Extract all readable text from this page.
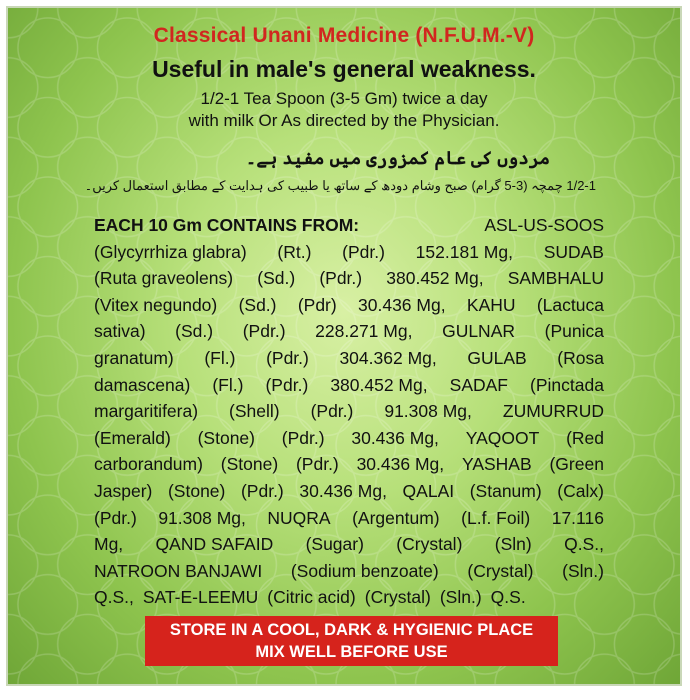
Classical Unani Medicine (N.F.U.M.-V)
Useful in male's general weakness.
1/2-1 Tea Spoon (3-5 Gm) twice a day
with milk Or As directed by the Physician.
مردوں کی عام کمزوری میں مفید ہے۔
1/2-1 چمچہ (3-5 گرام) صبح وشام دودھ کے ساتھ یا طبیب کی ہدایت کے مطابق استعمال کریں۔
EACH 10 Gm CONTAINS FROM:	ASL-US-SOOS
(Glycyrrhiza glabra) (Rt.) (Pdr.) 152.181 Mg, SUDAB
(Ruta graveolens) (Sd.) (Pdr.) 380.452 Mg, SAMBHALU
(Vitex negundo) (Sd.) (Pdr) 30.436 Mg, KAHU (Lactuca
sativa) (Sd.) (Pdr.) 228.271 Mg, GULNAR (Punica
granatum) (Fl.) (Pdr.) 304.362 Mg, GULAB (Rosa
damascena) (Fl.) (Pdr.) 380.452 Mg, SADAF (Pinctada
margaritifera) (Shell) (Pdr.) 91.308 Mg, ZUMURRUD
(Emerald) (Stone) (Pdr.) 30.436 Mg, YAQOOT (Red
carborandum) (Stone) (Pdr.) 30.436 Mg, YASHAB (Green
Jasper) (Stone) (Pdr.) 30.436 Mg, QALAI (Stanum) (Calx)
(Pdr.) 91.308 Mg, NUQRA (Argentum) (L.f. Foil) 17.116
Mg, QAND SAFAID (Sugar) (Crystal) (Sln) Q.S.,
NATROON BANJAWI (Sodium benzoate) (Crystal) (Sln.)
Q.S., SAT-E-LEEMU (Citric acid) (Crystal) (Sln.) Q.S.
STORE IN A COOL, DARK & HYGIENIC PLACE
MIX WELL BEFORE USE
